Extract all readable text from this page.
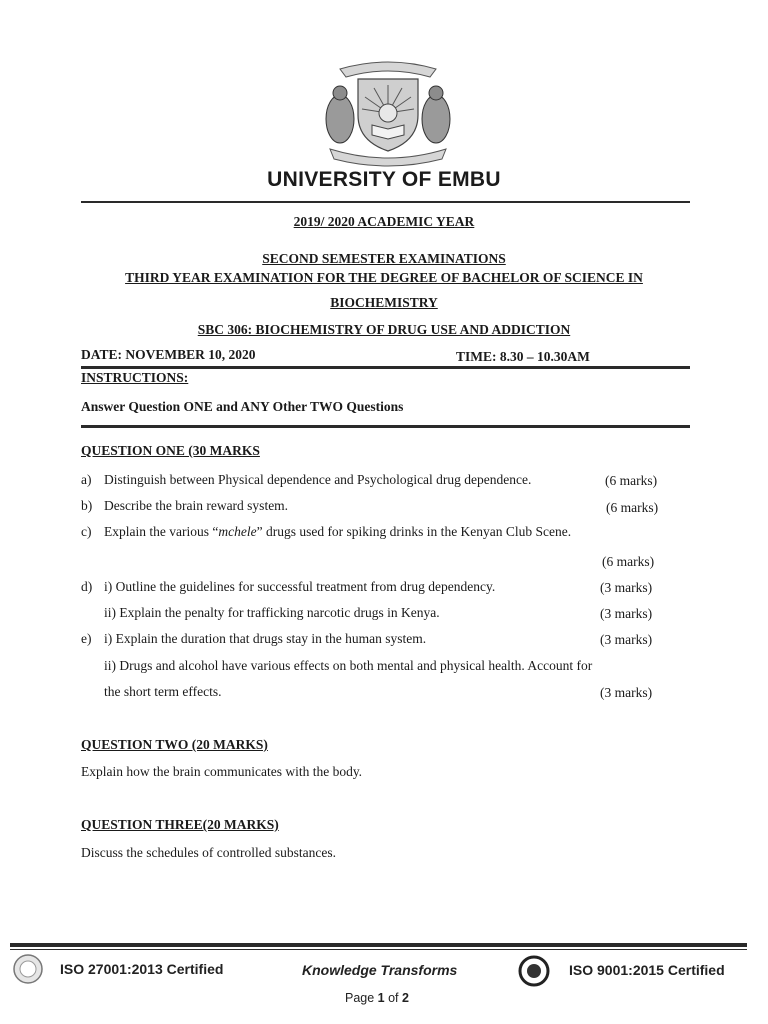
UNIVERSITY OF EMBU
2019/ 2020 ACADEMIC YEAR
SECOND SEMESTER EXAMINATIONS
THIRD YEAR EXAMINATION FOR THE DEGREE OF BACHELOR OF SCIENCE IN
BIOCHEMISTRY
SBC 306: BIOCHEMISTRY OF DRUG USE AND ADDICTION
DATE: NOVEMBER 10, 2020	TIME: 8.30 – 10.30AM
INSTRUCTIONS:
Answer Question ONE and ANY Other TWO Questions
QUESTION ONE (30 MARKS
a) Distinguish between Physical dependence and Psychological drug dependence.	(6 marks)
b) Describe the brain reward system.	(6 marks)
c) Explain the various “mchele” drugs used for spiking drinks in the Kenyan Club Scene.
(6 marks)
d) i) Outline the guidelines for successful treatment from drug dependency.	(3 marks)
ii) Explain the penalty for trafficking narcotic drugs in Kenya.	(3 marks)
e) i) Explain the duration that drugs stay in the human system.	(3 marks)
ii) Drugs and alcohol have various effects on both mental and physical health. Account for
the short term effects.	(3 marks)
QUESTION TWO (20 MARKS)
Explain how the brain communicates with the body.
QUESTION THREE(20 MARKS)
Discuss the schedules of controlled substances.
ISO 27001:2013 Certified	Knowledge Transforms	ISO 9001:2015 Certified
Page 1 of 2
